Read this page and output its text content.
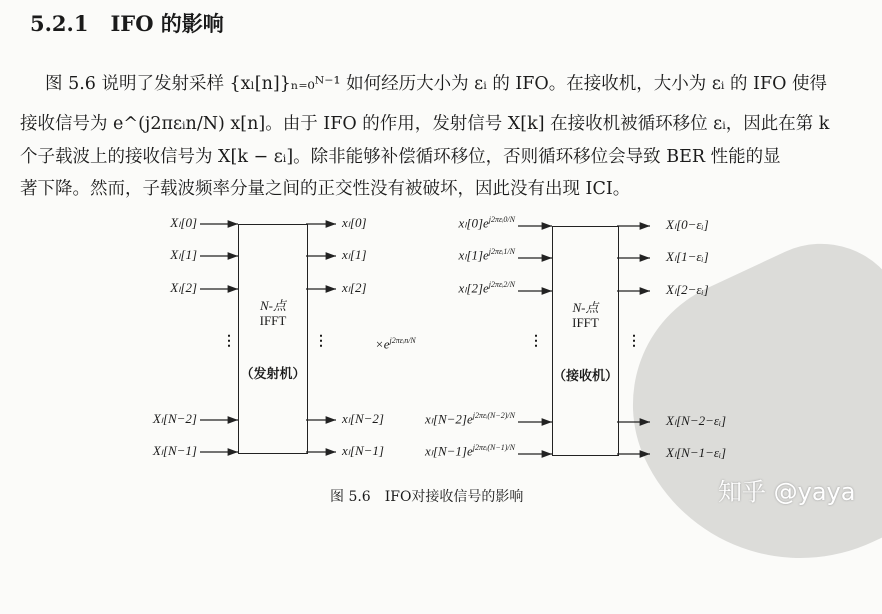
5.2.1 IFO 的影响
图 5.6 说明了发射采样 {xₗ[n]}ₙ₌₀ᴺ⁻¹ 如何经历大小为 εᵢ 的 IFO。在接收机，大小为 εᵢ 的 IFO 使得
接收信号为 e^(j2πεᵢn/N) x[n]。由于 IFO 的作用，发射信号 X[k] 在接收机被循环移位 εᵢ，因此在第 k
个子载波上的接收信号为 X[k − εᵢ]。除非能够补偿循环移位，否则循环移位会导致 BER 性能的显
著下降。然而，子载波频率分量之间的正交性没有被破坏，因此没有出现 ICI。
N-点
IFFT
（发射机）
N-点
IFFT
（接收机）
Xₗ[0]	xₗ[0]
Xₗ[1]	xₗ[1]
Xₗ[2]	xₗ[2]
Xₗ[N−2]	xₗ[N−2]
Xₗ[N−1]	xₗ[N−1]
$x_l[0]e^{j2\pi\varepsilon ᵢ0/N}$	Xₗ[0−εᵢ]
$x_l[1]e^{j2\pi\varepsilon ᵢ1/N}$	Xₗ[1−εᵢ]
$x_l[2]e^{j2\pi\varepsilon ᵢ2/N}$	Xₗ[2−εᵢ]
$x_l[N-2]e^{j2\pi\varepsilon ᵢ(N-2)/N}$	Xₗ[N−2−εᵢ]
$x_l[N-1]e^{j2\pi\varepsilon ᵢ(N-1)/N}$	Xₗ[N−1−εᵢ]
$\times e^{j2\pi\varepsilon ᵢn/N}$
⋮	⋮	⋮	⋮
图 5.6　IFO对接收信号的影响	知乎 @yaya
